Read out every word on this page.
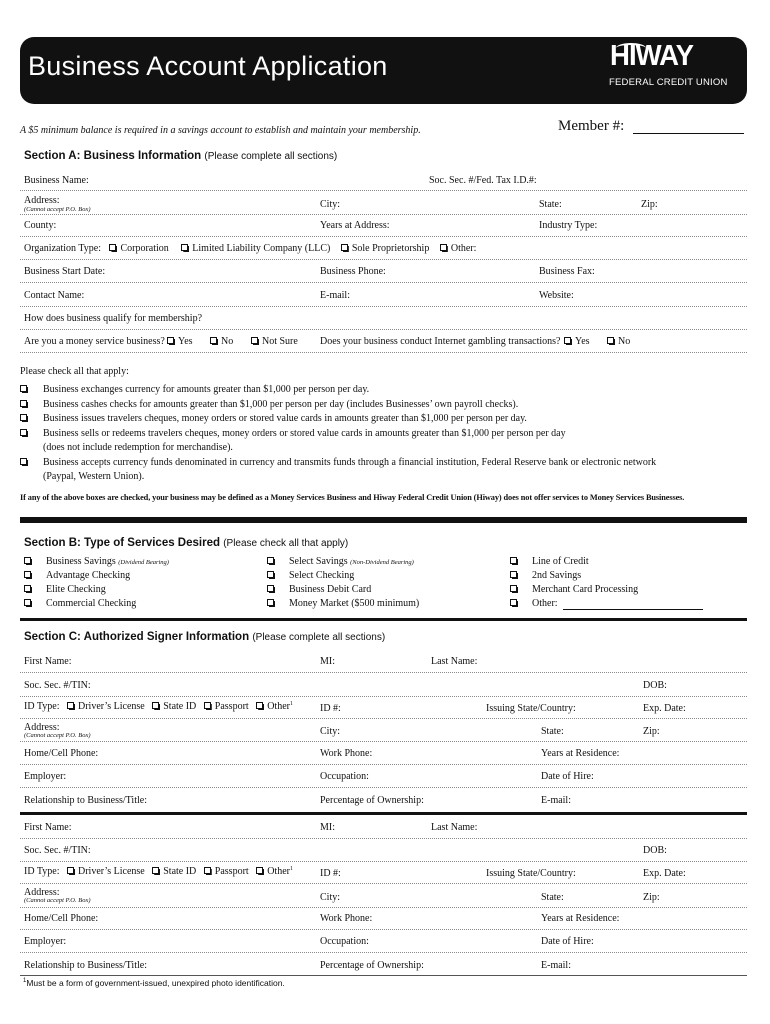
Business Account Application	HIWAY
FEDERAL CREDIT UNION
A $5 minimum balance is required in a savings account to establish and maintain your membership.	Member #:
Section A: Business Information (Please complete all sections)
Business Name:	Soc. Sec. #/Fed. Tax I.D.#:
Address:
(Cannot accept P.O. Box)	City:	State:	Zip:
County:	Years at Address:	Industry Type:
Organization Type: Corporation Limited Liability Company (LLC) Sole Proprietorship Other:
Business Start Date:	Business Phone:	Business Fax:
Contact Name:	E-mail:	Website:
How does business qualify for membership?
Are you a money service business?	Yes	No	Not Sure Does your business conduct Internet gambling transactions?	Yes	No
Please check all that apply:
Business exchanges currency for amounts greater than $1,000 per person per day.
Business cashes checks for amounts greater than $1,000 per person per day (includes Businesses’ own payroll checks).
Business issues travelers cheques, money orders or stored value cards in amounts greater than $1,000 per person per day.
Business sells or redeems travelers cheques, money orders or stored value cards in amounts greater than $1,000 per person per day
(does not include redemption for merchandise).
Business accepts currency funds denominated in currency and transmits funds through a financial institution, Federal Reserve bank or electronic network
(Paypal, Western Union).
If any of the above boxes are checked, your business may be defined as a Money Services Business and Hiway Federal Credit Union (Hiway) does not offer services to Money Services Businesses.
Section B: Type of Services Desired (Please check all that apply)
Business Savings (Dividend Bearing)
Advantage Checking
Elite Checking
Commercial Checking
Select Savings (Non-Dividend Bearing)
Select Checking
Business Debit Card
Money Market ($500 minimum)
Line of Credit
2nd Savings
Merchant Card Processing
Other:
Section C: Authorized Signer Information (Please complete all sections)
First Name:	MI:	Last Name:
Soc. Sec. #/TIN:	DOB:
ID Type: Driver’s License State ID Passport Other$^1$	ID #:	Issuing State/Country:	Exp. Date:
Address:
(Cannot accept P.O. Box)	City:	State:	Zip:
Home/Cell Phone:	Work Phone:	Years at Residence:
Employer:	Occupation:	Date of Hire:
Relationship to Business/Title:	Percentage of Ownership:	E-mail:
First Name:	MI:	Last Name:
Soc. Sec. #/TIN:	DOB:
ID Type: Driver’s License State ID Passport Other$^1$	ID #:	Issuing State/Country:	Exp. Date:
Address:
(Cannot accept P.O. Box)	City:	State:	Zip:
Home/Cell Phone:	Work Phone:	Years at Residence:
Employer:	Occupation:	Date of Hire:
Relationship to Business/Title:	Percentage of Ownership:	E-mail:
$^1$Must be a form of government-issued, unexpired photo identification.
